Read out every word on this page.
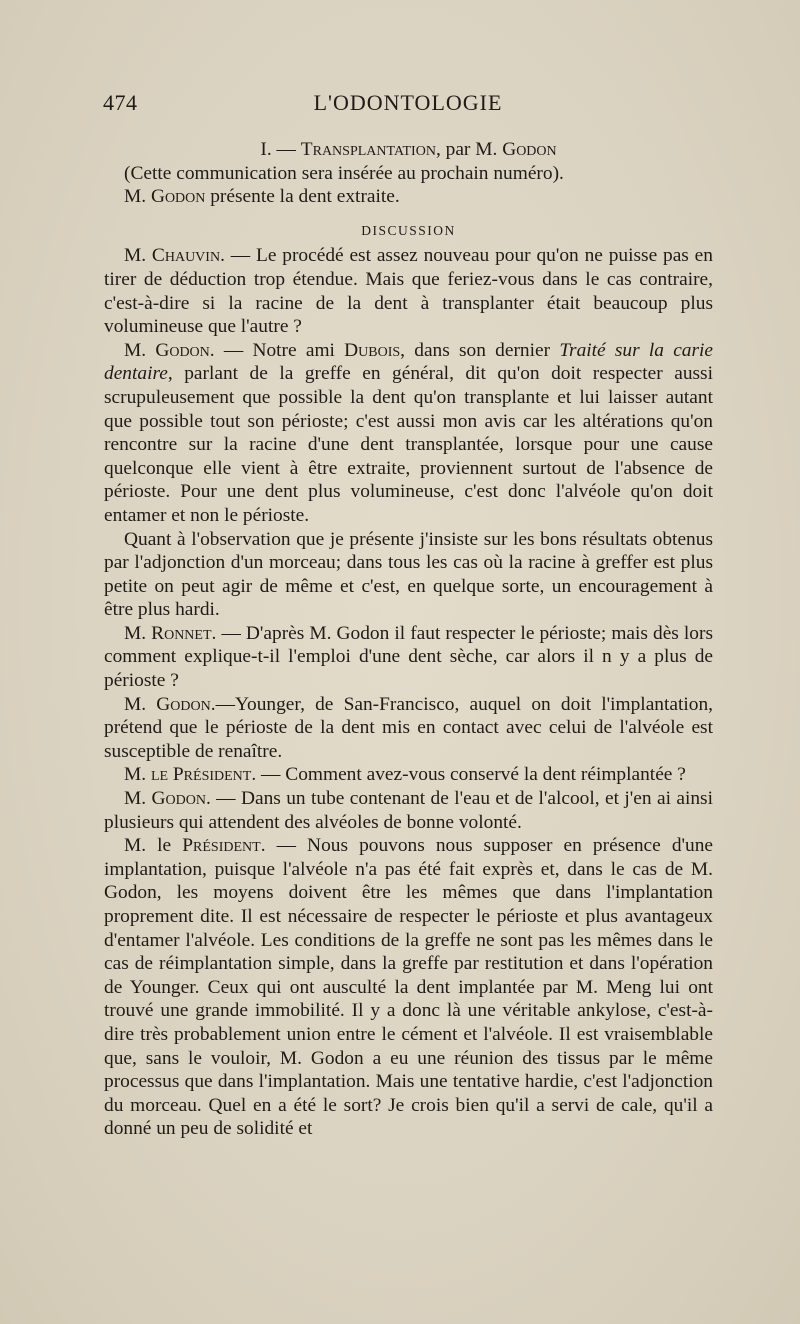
474	L'ODONTOLOGIE

I. — Transplantation, par M. Godon

(Cette communication sera insérée au prochain numéro).

M. Godon présente la dent extraite.

DISCUSSION

M. Chauvin. — Le procédé est assez nouveau pour qu'on ne puisse pas en tirer de déduction trop étendue. Mais que feriez-vous dans le cas contraire, c'est-à-dire si la racine de la dent à transplanter était beaucoup plus volumineuse que l'autre ?

M. Godon. — Notre ami Dubois, dans son dernier Traité sur la carie dentaire, parlant de la greffe en général, dit qu'on doit respecter aussi scrupuleusement que possible la dent qu'on transplante et lui laisser autant que possible tout son périoste; c'est aussi mon avis car les altérations qu'on rencontre sur la racine d'une dent transplantée, lorsque pour une cause quelconque elle vient à être extraite, proviennent surtout de l'absence de périoste. Pour une dent plus volumineuse, c'est donc l'alvéole qu'on doit entamer et non le périoste.

Quant à l'observation que je présente j'insiste sur les bons résultats obtenus par l'adjonction d'un morceau; dans tous les cas où la racine à greffer est plus petite on peut agir de même et c'est, en quelque sorte, un encouragement à être plus hardi.

M. Ronnet. — D'après M. Godon il faut respecter le périoste; mais dès lors comment explique-t-il l'emploi d'une dent sèche, car alors il n y a plus de périoste ?

M. Godon.—Younger, de San-Francisco, auquel on doit l'implantation, prétend que le périoste de la dent mis en contact avec celui de l'alvéole est susceptible de renaître.

M. le Président. — Comment avez-vous conservé la dent réimplantée ?

M. Godon. — Dans un tube contenant de l'eau et de l'alcool, et j'en ai ainsi plusieurs qui attendent des alvéoles de bonne volonté.

M. le Président. — Nous pouvons nous supposer en présence d'une implantation, puisque l'alvéole n'a pas été fait exprès et, dans le cas de M. Godon, les moyens doivent être les mêmes que dans l'implantation proprement dite. Il est nécessaire de respecter le périoste et plus avantageux d'entamer l'alvéole. Les conditions de la greffe ne sont pas les mêmes dans le cas de réimplantation simple, dans la greffe par restitution et dans l'opération de Younger. Ceux qui ont ausculté la dent implantée par M. Meng lui ont trouvé une grande immobilité. Il y a donc là une véritable ankylose, c'est-à-dire très probablement union entre le cément et l'alvéole. Il est vraisemblable que, sans le vouloir, M. Godon a eu une réunion des tissus par le même processus que dans l'implantation. Mais une tentative hardie, c'est l'adjonction du morceau. Quel en a été le sort? Je crois bien qu'il a servi de cale, qu'il a donné un peu de solidité et
